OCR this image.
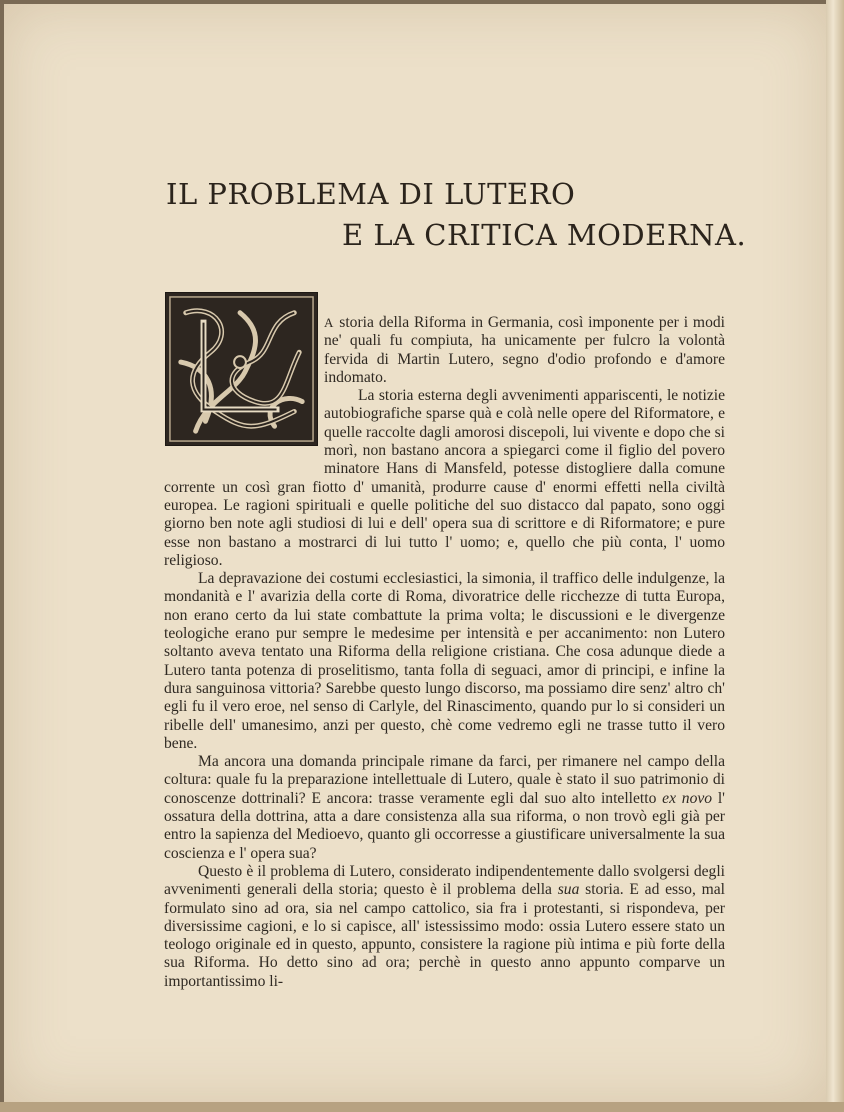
IL PROBLEMA DI LUTERO
E LA CRITICA MODERNA.

A storia della Riforma in Germania, così imponente per i modi ne' quali fu compiuta, ha unicamente per fulcro la volontà fervida di Martin Lutero, segno d'odio profondo e d'amore indomato.

La storia esterna degli avvenimenti appariscenti, le notizie autobiografiche sparse quà e colà nelle opere del Riformatore, e quelle raccolte dagli amorosi discepoli, lui vivente e dopo che si morì, non bastano ancora a spiegarci come il figlio del povero minatore Hans di Mansfeld, potesse distogliere dalla comune corrente un così gran fiotto d' umanità, produrre cause d' enormi effetti nella civiltà europea. Le ragioni spirituali e quelle politiche del suo distacco dal papato, sono oggi giorno ben note agli studiosi di lui e dell' opera sua di scrittore e di Riformatore; e pure esse non bastano a mostrarci di lui tutto l' uomo; e, quello che più conta, l' uomo religioso.

La depravazione dei costumi ecclesiastici, la simonia, il traffico delle indulgenze, la mondanità e l' avarizia della corte di Roma, divoratrice delle ricchezze di tutta Europa, non erano certo da lui state combattute la prima volta; le discussioni e le divergenze teologiche erano pur sempre le medesime per intensità e per accanimento: non Lutero soltanto aveva tentato una Riforma della religione cristiana. Che cosa adunque diede a Lutero tanta potenza di proselitismo, tanta folla di seguaci, amor di principi, e infine la dura sanguinosa vittoria? Sarebbe questo lungo discorso, ma possiamo dire senz' altro ch' egli fu il vero eroe, nel senso di Carlyle, del Rinascimento, quando pur lo si consideri un ribelle dell' umanesimo, anzi per questo, chè come vedremo egli ne trasse tutto il vero bene.

Ma ancora una domanda principale rimane da farci, per rimanere nel campo della coltura: quale fu la preparazione intellettuale di Lutero, quale è stato il suo patrimonio di conoscenze dottrinali? E ancora: trasse veramente egli dal suo alto intelletto ex novo l' ossatura della dottrina, atta a dare consistenza alla sua riforma, o non trovò egli già per entro la sapienza del Medioevo, quanto gli occorresse a giustificare universalmente la sua coscienza e l' opera sua?

Questo è il problema di Lutero, considerato indipendentemente dallo svolgersi degli avvenimenti generali della storia; questo è il problema della sua storia. E ad esso, mal formulato sino ad ora, sia nel campo cattolico, sia fra i protestanti, si rispondeva, per diversissime cagioni, e lo si capisce, all' istessissimo modo: ossia Lutero essere stato un teologo originale ed in questo, appunto, consistere la ragione più intima e più forte della sua Riforma. Ho detto sino ad ora; perchè in questo anno appunto comparve un importantissimo li-
